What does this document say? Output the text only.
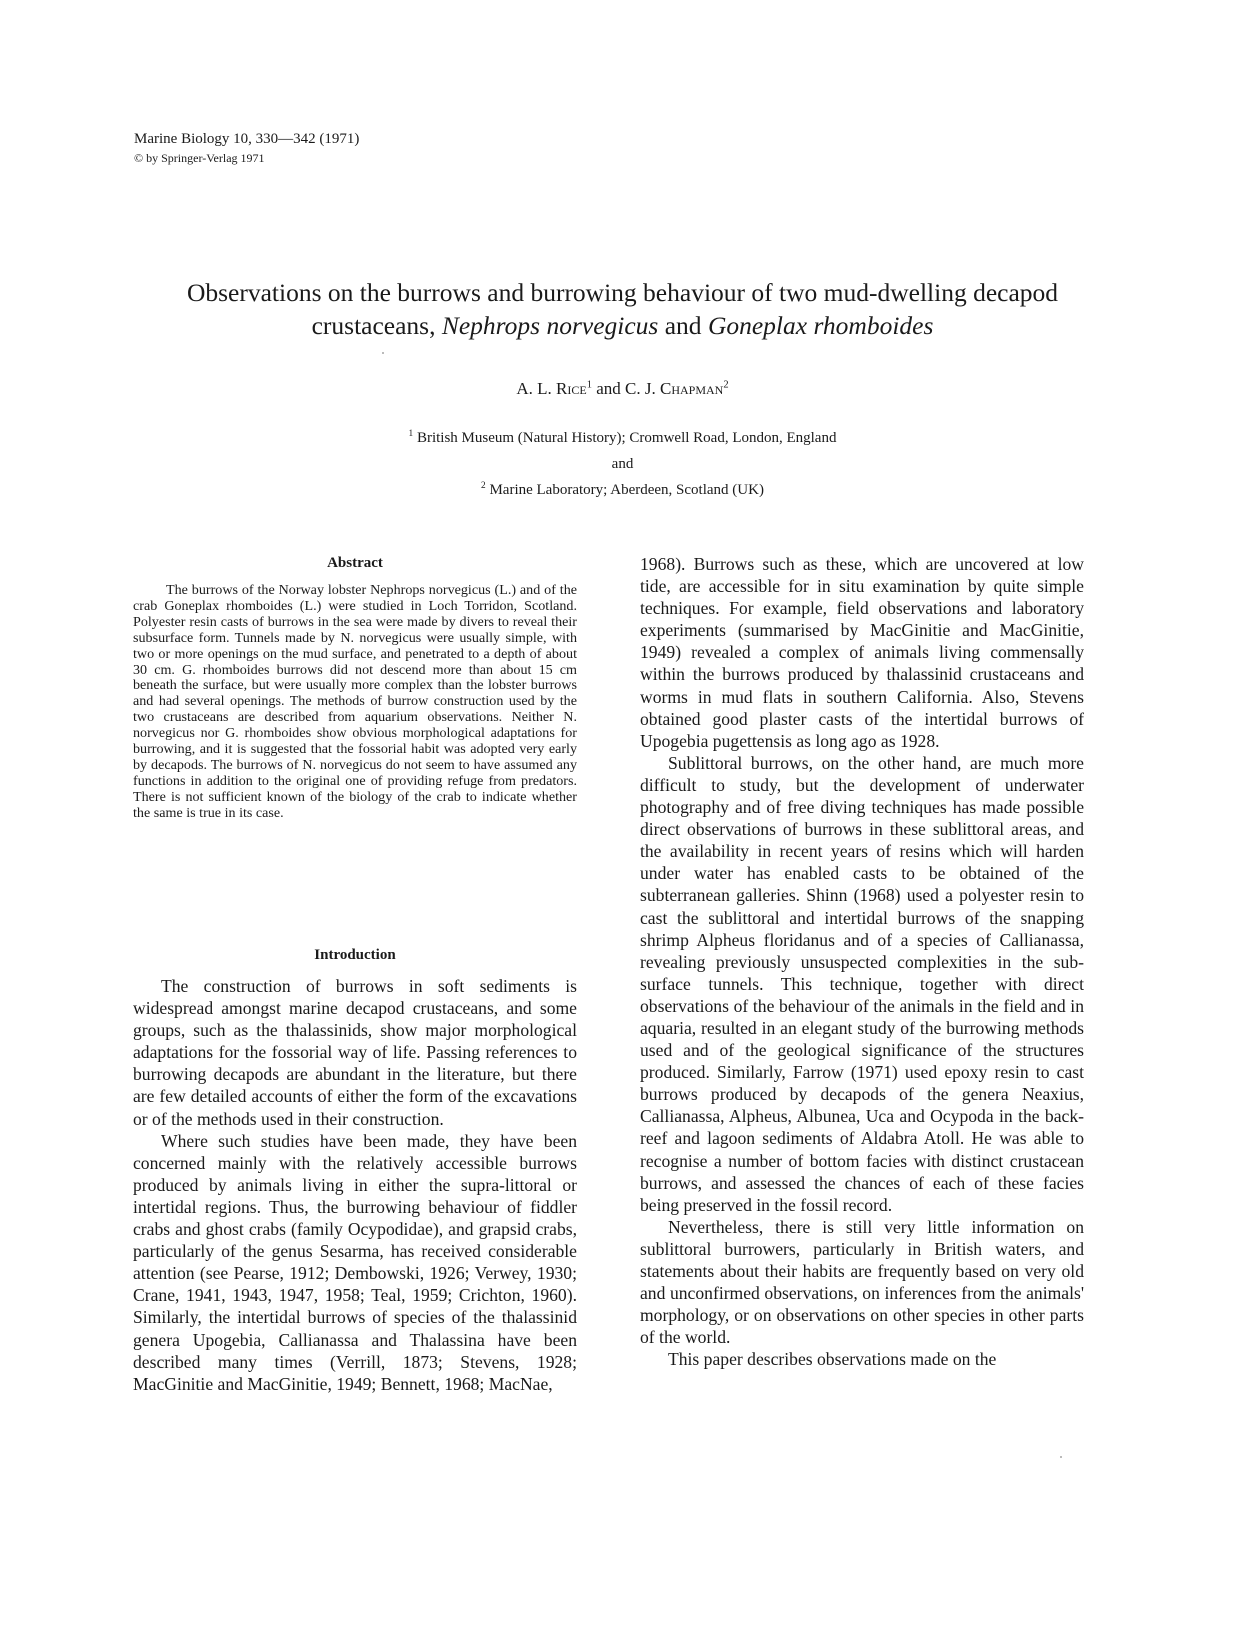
Marine Biology 10, 330—342 (1971)
© by Springer-Verlag 1971
Observations on the burrows and burrowing behaviour of two mud-dwelling decapod
crustaceans, Nephrops norvegicus and Goneplax rhomboides
A. L. Rice$^1$ and C. J. Chapman$^2$
$^1$ British Museum (Natural History); Cromwell Road, London, England
and
$^2$ Marine Laboratory; Aberdeen, Scotland (UK)
Abstract
The burrows of the Norway lobster Nephrops norvegicus (L.) and of the crab Goneplax rhomboides (L.) were studied in Loch Torridon, Scotland. Polyester resin casts of burrows in the sea were made by divers to reveal their subsurface form. Tunnels made by N. norvegicus were usually simple, with two or more openings on the mud surface, and penetrated to a depth of about 30 cm. G. rhomboides burrows did not descend more than about 15 cm beneath the surface, but were usually more complex than the lobster burrows and had several openings. The methods of burrow construction used by the two crustaceans are described from aquarium observations. Neither N. norvegicus nor G. rhomboides show obvious morphological adaptations for burrowing, and it is suggested that the fossorial habit was adopted very early by decapods. The burrows of N. norvegicus do not seem to have assumed any functions in addition to the original one of providing refuge from predators. There is not sufficient known of the biology of the crab to indicate whether the same is true in its case.
Introduction

The construction of burrows in soft sediments is widespread amongst marine decapod crustaceans, and some groups, such as the thalassinids, show major morphological adaptations for the fossorial way of life. Passing references to burrowing decapods are abundant in the literature, but there are few detailed accounts of either the form of the excavations or of the methods used in their construction.

Where such studies have been made, they have been concerned mainly with the relatively accessible burrows produced by animals living in either the supra-littoral or intertidal regions. Thus, the burrowing behaviour of fiddler crabs and ghost crabs (family Ocypodidae), and grapsid crabs, particularly of the genus Sesarma, has received considerable attention (see Pearse, 1912; Dembowski, 1926; Verwey, 1930; Crane, 1941, 1943, 1947, 1958; Teal, 1959; Crichton, 1960). Similarly, the intertidal burrows of species of the thalassinid genera Upogebia, Callianassa and Thalassina have been described many times (Verrill, 1873; Stevens, 1928; MacGinitie and MacGinitie, 1949; Bennett, 1968; MacNae,

1968). Burrows such as these, which are uncovered at low tide, are accessible for in situ examination by quite simple techniques. For example, field observations and laboratory experiments (summarised by MacGinitie and MacGinitie, 1949) revealed a complex of animals living commensally within the burrows produced by thalassinid crustaceans and worms in mud flats in southern California. Also, Stevens obtained good plaster casts of the intertidal burrows of Upogebia pugettensis as long ago as 1928.

Sublittoral burrows, on the other hand, are much more difficult to study, but the development of underwater photography and of free diving techniques has made possible direct observations of burrows in these sublittoral areas, and the availability in recent years of resins which will harden under water has enabled casts to be obtained of the subterranean galleries. Shinn (1968) used a polyester resin to cast the sublittoral and intertidal burrows of the snapping shrimp Alpheus floridanus and of a species of Callianassa, revealing previously unsuspected complexities in the sub-surface tunnels. This technique, together with direct observations of the behaviour of the animals in the field and in aquaria, resulted in an elegant study of the burrowing methods used and of the geological significance of the structures produced. Similarly, Farrow (1971) used epoxy resin to cast burrows produced by decapods of the genera Neaxius, Callianassa, Alpheus, Albunea, Uca and Ocypoda in the back-reef and lagoon sediments of Aldabra Atoll. He was able to recognise a number of bottom facies with distinct crustacean burrows, and assessed the chances of each of these facies being preserved in the fossil record.

Nevertheless, there is still very little information on sublittoral burrowers, particularly in British waters, and statements about their habits are frequently based on very old and unconfirmed observations, on inferences from the animals' morphology, or on observations on other species in other parts of the world.

This paper describes observations made on the
